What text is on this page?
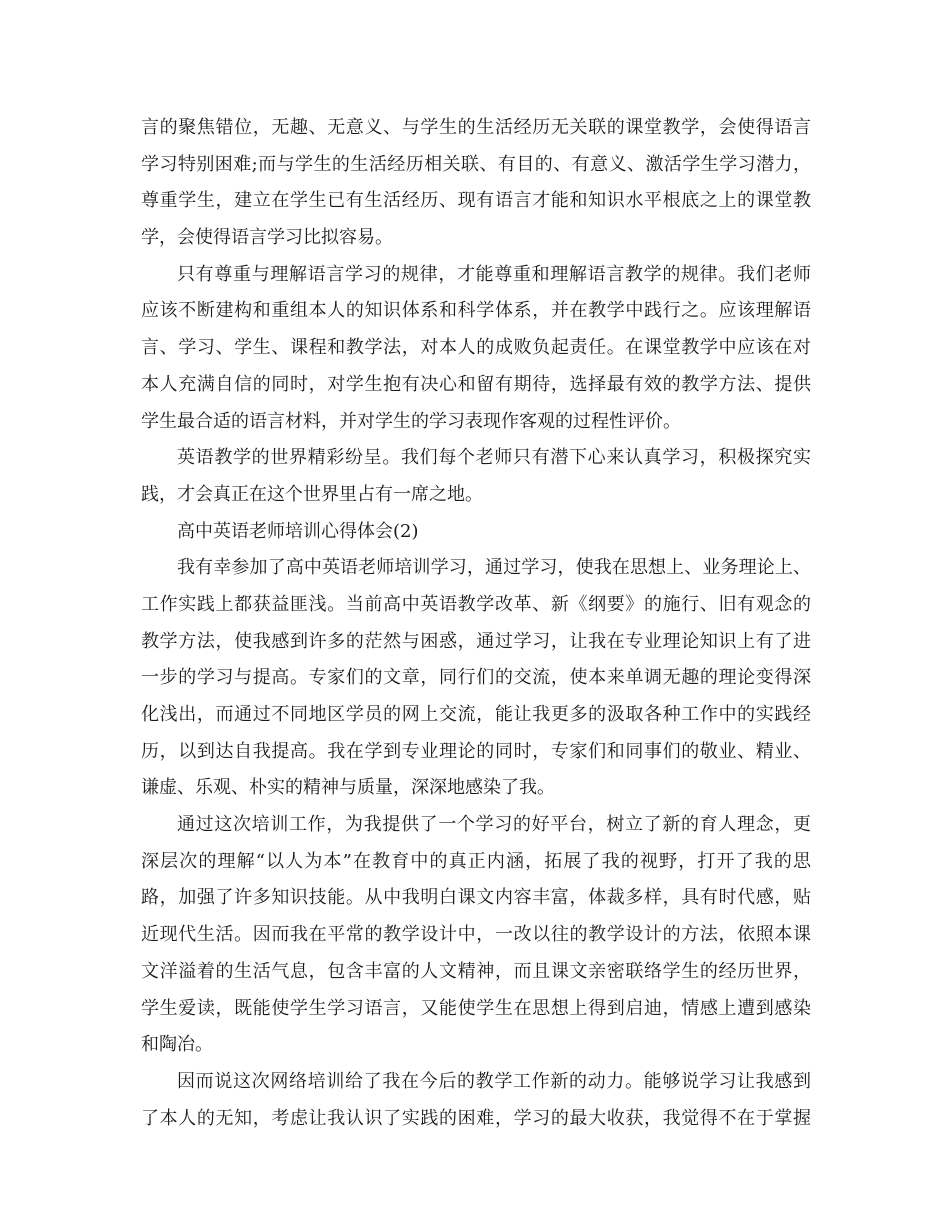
言的聚焦错位，无趣、无意义、与学生的生活经历无关联的课堂教学，会使得语言
学习特别困难;而与学生的生活经历相关联、有目的、有意义、激活学生学习潜力，
尊重学生，建立在学生已有生活经历、现有语言才能和知识水平根底之上的课堂教
学，会使得语言学习比拟容易。
只有尊重与理解语言学习的规律，才能尊重和理解语言教学的规律。我们老师
应该不断建构和重组本人的知识体系和科学体系，并在教学中践行之。应该理解语
言、学习、学生、课程和教学法，对本人的成败负起责任。在课堂教学中应该在对
本人充满自信的同时，对学生抱有决心和留有期待，选择最有效的教学方法、提供
学生最合适的语言材料，并对学生的学习表现作客观的过程性评价。
英语教学的世界精彩纷呈。我们每个老师只有潜下心来认真学习，积极探究实
践，才会真正在这个世界里占有一席之地。
高中英语老师培训心得体会(2)
我有幸参加了高中英语老师培训学习，通过学习，使我在思想上、业务理论上、
工作实践上都获益匪浅。当前高中英语教学改革、新《纲要》的施行、旧有观念的
教学方法，使我感到许多的茫然与困惑，通过学习，让我在专业理论知识上有了进
一步的学习与提高。专家们的文章，同行们的交流，使本来单调无趣的理论变得深
化浅出，而通过不同地区学员的网上交流，能让我更多的汲取各种工作中的实践经
历，以到达自我提高。我在学到专业理论的同时，专家们和同事们的敬业、精业、
谦虚、乐观、朴实的精神与质量，深深地感染了我。
通过这次培训工作，为我提供了一个学习的好平台，树立了新的育人理念，更
深层次的理解“以人为本”在教育中的真正内涵，拓展了我的视野，打开了我的思
路，加强了许多知识技能。从中我明白课文内容丰富，体裁多样，具有时代感，贴
近现代生活。因而我在平常的教学设计中，一改以往的教学设计的方法，依照本课
文洋溢着的生活气息，包含丰富的人文精神，而且课文亲密联络学生的经历世界，
学生爱读，既能使学生学习语言，又能使学生在思想上得到启迪，情感上遭到感染
和陶冶。
因而说这次网络培训给了我在今后的教学工作新的动力。能够说学习让我感到
了本人的无知，考虑让我认识了实践的困难，学习的最大收获，我觉得不在于掌握
